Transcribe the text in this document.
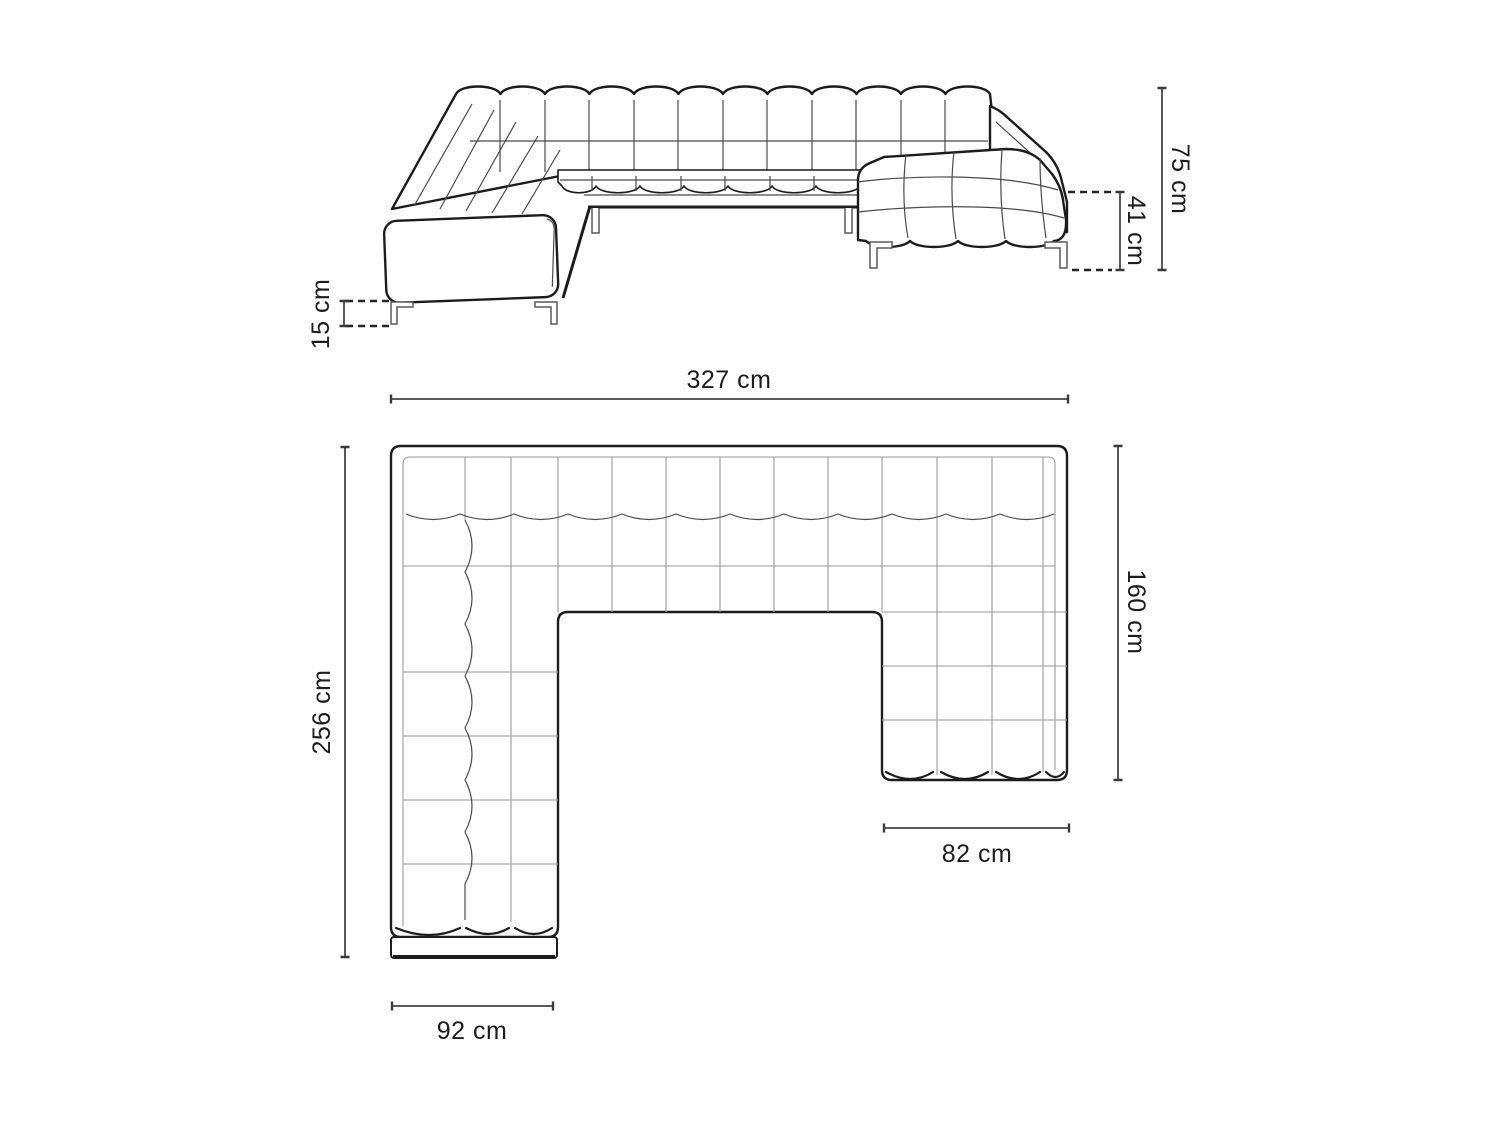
75 cm
41 cm
15 cm
327 cm
256 cm
160 cm
92 cm
82 cm
